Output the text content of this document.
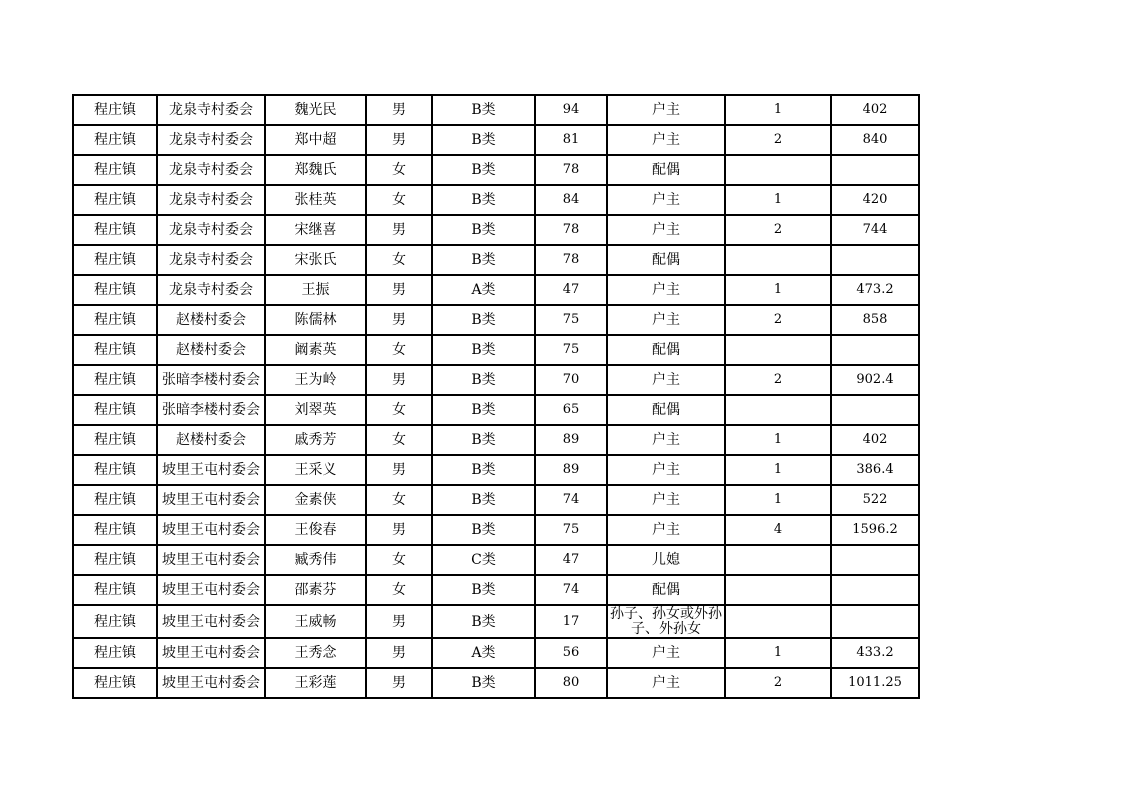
程庄镇	龙泉寺村委会	魏光民	男	B类	94	户主	1	402
程庄镇	龙泉寺村委会	郑中超	男	B类	81	户主	2	840
程庄镇	龙泉寺村委会	郑魏氏	女	B类	78	配偶		
程庄镇	龙泉寺村委会	张桂英	女	B类	84	户主	1	420
程庄镇	龙泉寺村委会	宋继喜	男	B类	78	户主	2	744
程庄镇	龙泉寺村委会	宋张氏	女	B类	78	配偶		
程庄镇	龙泉寺村委会	王振	男	A类	47	户主	1	473.2
程庄镇	赵楼村委会	陈儒林	男	B类	75	户主	2	858
程庄镇	赵楼村委会	阚素英	女	B类	75	配偶		
程庄镇	张暗李楼村委会	王为岭	男	B类	70	户主	2	902.4
程庄镇	张暗李楼村委会	刘翠英	女	B类	65	配偶		
程庄镇	赵楼村委会	戚秀芳	女	B类	89	户主	1	402
程庄镇	坡里王屯村委会	王采义	男	B类	89	户主	1	386.4
程庄镇	坡里王屯村委会	金素侠	女	B类	74	户主	1	522
程庄镇	坡里王屯村委会	王俊春	男	B类	75	户主	4	1596.2
程庄镇	坡里王屯村委会	臧秀伟	女	C类	47	儿媳		
程庄镇	坡里王屯村委会	邵素芬	女	B类	74	配偶		
程庄镇	坡里王屯村委会	王威畅	男	B类	17	孙子、孙女或外孙子、外孙女		
程庄镇	坡里王屯村委会	王秀念	男	A类	56	户主	1	433.2
程庄镇	坡里王屯村委会	王彩莲	男	B类	80	户主	2	1011.25
